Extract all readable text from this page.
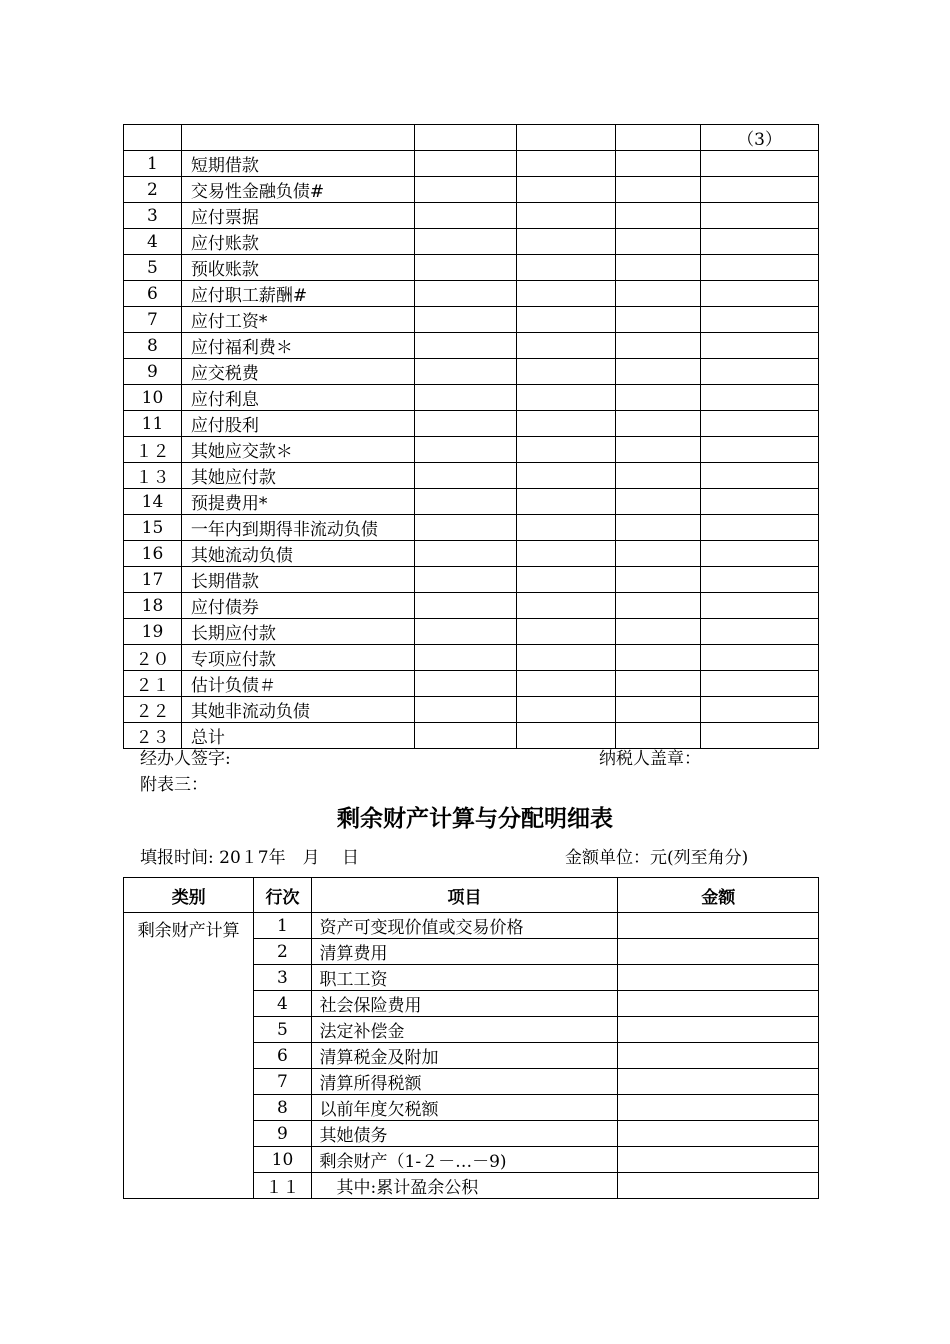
					（3）
1	短期借款				
2	交易性金融负债#				
3	应付票据				
4	应付账款				
5	预收账款				
6	应付职工薪酬#				
7	应付工资*				
8	应付福利费＊				
9	应交税费				
10	应付利息				
11	应付股利				
１２	其她应交款＊				
１３	其她应付款				
14	预提费用*				
15	一年内到期得非流动负债				
16	其她流动负债				
17	长期借款				
18	应付债券				
19	长期应付款				
２０	专项应付款				
２１	估计负债＃				
２２	其她非流动负债				
２３	总计				
经办人签字:	纳税人盖章：
附表三：
剩余财产计算与分配明细表
填报时间: 20１7年　月　 日	金额单位：元(列至角分)
类别	行次	项目	金额
剩余财产计算	1	资产可变现价值或交易价格	
	2	清算费用	
	3	职工工资	
	4	社会保险费用	
	5	法定补偿金	
	6	清算税金及附加	
	7	清算所得税额	
	8	以前年度欠税额	
	9	其她债务	
	10	剩余财产（1-２－…－9)	
	１１	　其中:累计盈余公积	
